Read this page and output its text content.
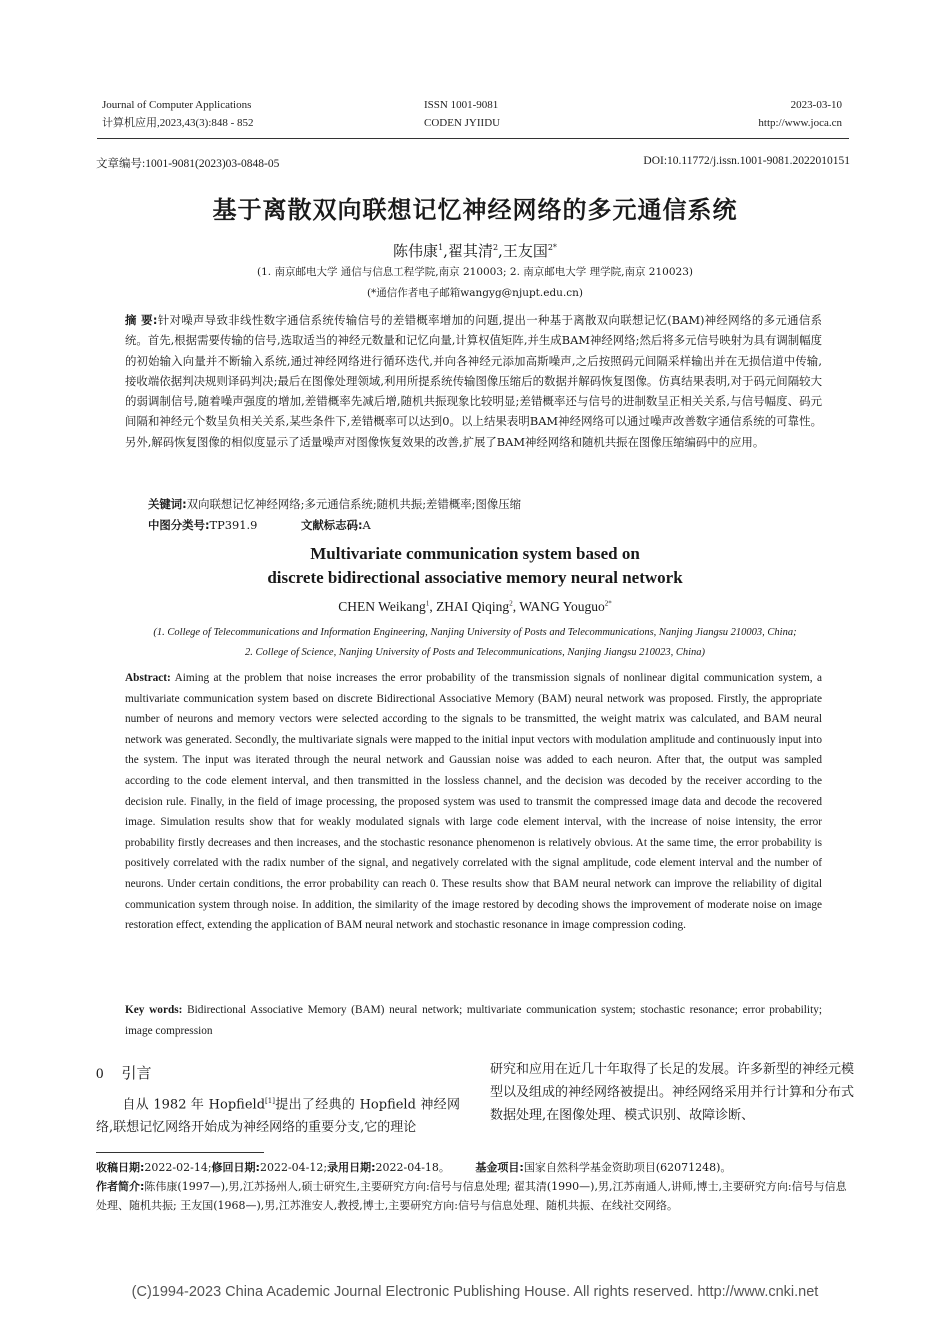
Journal of Computer Applications
计算机应用,2023,43(3):848 - 852
ISSN 1001-9081
CODEN JYIIDU
2023-03-10
http://www.joca.cn
文章编号:1001-9081(2023)03-0848-05	DOI:10.11772/j.issn.1001-9081.2022010151
基于离散双向联想记忆神经网络的多元通信系统
陈伟康$^1$,翟其清$^2$,王友国$^{2*}$
(1. 南京邮电大学 通信与信息工程学院,南京 210003; 2. 南京邮电大学 理学院,南京 210023)
(*通信作者电子邮箱wangyg@njupt.edu.cn)
摘 要:针对噪声导致非线性数字通信系统传输信号的差错概率增加的问题,提出一种基于离散双向联想记忆(BAM)神经网络的多元通信系统。首先,根据需要传输的信号,选取适当的神经元数量和记忆向量,计算权值矩阵,并生成BAM神经网络;然后将多元信号映射为具有调制幅度的初始输入向量并不断输入系统,通过神经网络进行循环迭代,并向各神经元添加高斯噪声,之后按照码元间隔采样输出并在无损信道中传输,接收端依据判决规则译码判决;最后在图像处理领域,利用所提系统传输图像压缩后的数据并解码恢复图像。仿真结果表明,对于码元间隔较大的弱调制信号,随着噪声强度的增加,差错概率先减后增,随机共振现象比较明显;差错概率还与信号的进制数呈正相关关系,与信号幅度、码元间隔和神经元个数呈负相关关系,某些条件下,差错概率可以达到0。以上结果表明BAM神经网络可以通过噪声改善数字通信系统的可靠性。另外,解码恢复图像的相似度显示了适量噪声对图像恢复效果的改善,扩展了BAM神经网络和随机共振在图像压缩编码中的应用。
关键词:双向联想记忆神经网络;多元通信系统;随机共振;差错概率;图像压缩
中图分类号:TP391.9	文献标志码:A
Multivariate communication system based on
discrete bidirectional associative memory neural network
CHEN Weikang$^1$, ZHAI Qiqing$^2$, WANG Youguo$^{2*}$
(1. College of Telecommunications and Information Engineering, Nanjing University of Posts and Telecommunications, Nanjing Jiangsu 210003, China;
2. College of Science, Nanjing University of Posts and Telecommunications, Nanjing Jiangsu 210023, China)
Abstract: Aiming at the problem that noise increases the error probability of the transmission signals of nonlinear digital communication system, a multivariate communication system based on discrete Bidirectional Associative Memory (BAM) neural network was proposed. Firstly, the appropriate number of neurons and memory vectors were selected according to the signals to be transmitted, the weight matrix was calculated, and BAM neural network was generated. Secondly, the multivariate signals were mapped to the initial input vectors with modulation amplitude and continuously input into the system. The input was iterated through the neural network and Gaussian noise was added to each neuron. After that, the output was sampled according to the code element interval, and then transmitted in the lossless channel, and the decision was decoded by the receiver according to the decision rule. Finally, in the field of image processing, the proposed system was used to transmit the compressed image data and decode the recovered image. Simulation results show that for weakly modulated signals with large code element interval, with the increase of noise intensity, the error probability firstly decreases and then increases, and the stochastic resonance phenomenon is relatively obvious. At the same time, the error probability is positively correlated with the radix number of the signal, and negatively correlated with the signal amplitude, code element interval and the number of neurons. Under certain conditions, the error probability can reach 0. These results show that BAM neural network can improve the reliability of digital communication system through noise. In addition, the similarity of the image restored by decoding shows the improvement of moderate noise on image restoration effect, extending the application of BAM neural network and stochastic resonance in image compression coding.
Key words: Bidirectional Associative Memory (BAM) neural network; multivariate communication system; stochastic resonance; error probability; image compression
0 引言
  自从 1982 年 Hopfield[1]提出了经典的 Hopfield 神经网络,联想记忆网络开始成为神经网络的重要分支,它的理论
研究和应用在近几十年取得了长足的发展。许多新型的神经元模型以及组成的神经网络被提出。神经网络采用并行计算和分布式数据处理,在图像处理、模式识别、故障诊断、
收稿日期:2022-02-14;修回日期:2022-04-12;录用日期:2022-04-18。 基金项目:国家自然科学基金资助项目(62071248)。
作者简介:陈伟康(1997—),男,江苏扬州人,硕士研究生,主要研究方向:信号与信息处理; 翟其清(1990—),男,江苏南通人,讲师,博士,主要研究方向:信号与信息处理、随机共振; 王友国(1968—),男,江苏淮安人,教授,博士,主要研究方向:信号与信息处理、随机共振、在线社交网络。
(C)1994-2023 China Academic Journal Electronic Publishing House. All rights reserved. http://www.cnki.net
